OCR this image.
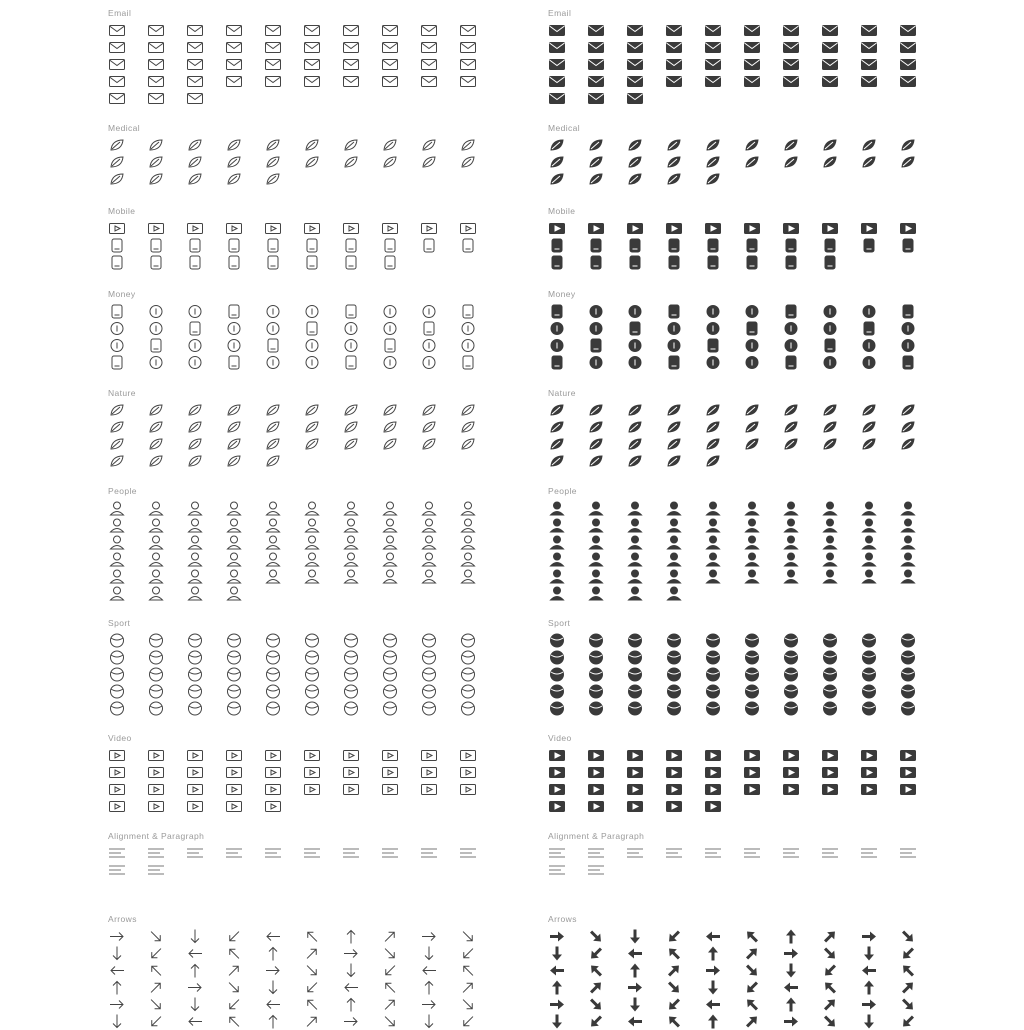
Email
Medical
Mobile
Money
Nature
People
Sport
Video
Alignment & Paragraph
Arrows
Email
Medical
Mobile
Money
Nature
People
Sport
Video
Alignment & Paragraph
Arrows
